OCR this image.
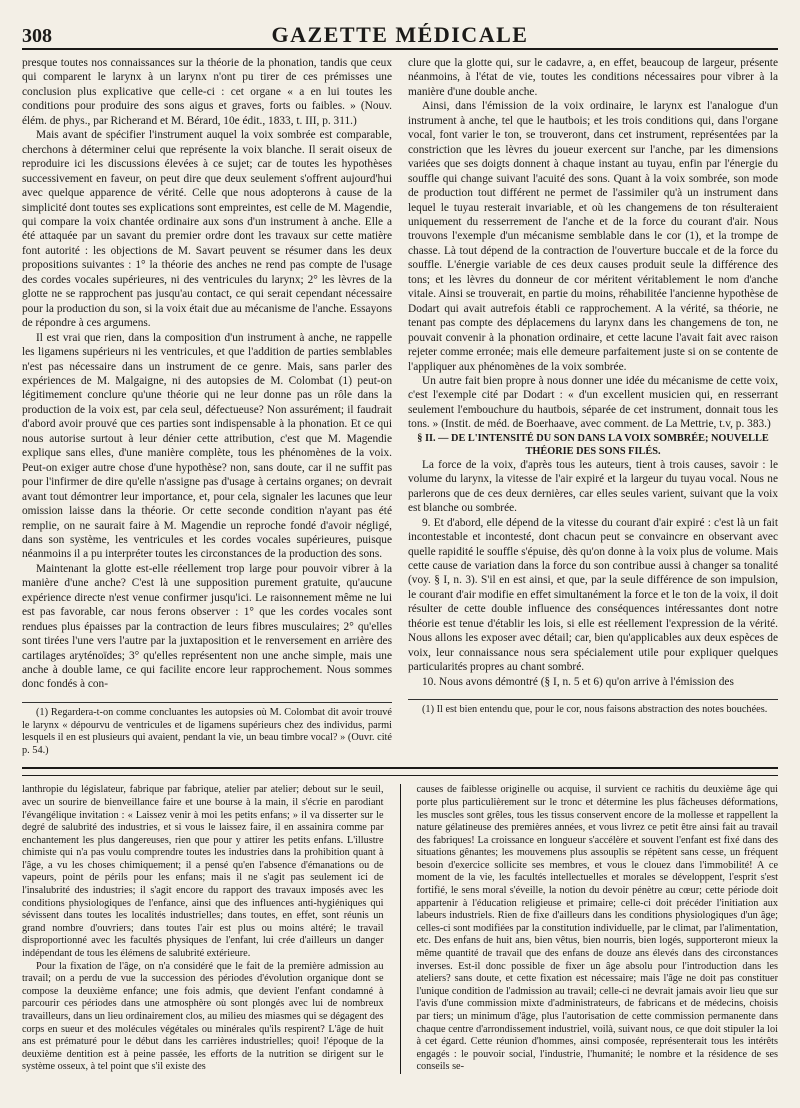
308	GAZETTE MÉDICALE

presque toutes nos connaissances sur la théorie de la phonation, tandis que ceux qui comparent le larynx à un larynx n'ont pu tirer de ces prémisses une conclusion plus explicative que celle-ci : cet organe « a en lui toutes les conditions pour produire des sons aigus et graves, forts ou faibles. » (Nouv. élém. de phys., par Richerand et M. Bérard, 10e édit., 1833, t. III, p. 311.)

Mais avant de spécifier l'instrument auquel la voix sombrée est comparable, cherchons à déterminer celui que représente la voix blanche. Il serait oiseux de reproduire ici les discussions élevées à ce sujet; car de toutes les hypothèses successivement en faveur, on peut dire que deux seulement s'offrent aujourd'hui avec quelque apparence de vérité. Celle que nous adopterons à cause de la simplicité dont toutes ses explications sont empreintes, est celle de M. Magendie, qui compare la voix chantée ordinaire aux sons d'un instrument à anche. Elle a été attaquée par un savant du premier ordre dont les travaux sur cette matière font autorité : les objections de M. Savart peuvent se résumer dans les deux propositions suivantes : 1° la théorie des anches ne rend pas compte de l'usage des cordes vocales supérieures, ni des ventricules du larynx; 2° les lèvres de la glotte ne se rapprochent pas jusqu'au contact, ce qui serait cependant nécessaire pour la production du son, si la voix était due au mécanisme de l'anche. Essayons de répondre à ces argumens.

Il est vrai que rien, dans la composition d'un instrument à anche, ne rappelle les ligamens supérieurs ni les ventricules, et que l'addition de parties semblables n'est pas nécessaire dans un instrument de ce genre. Mais, sans parler des expériences de M. Malgaigne, ni des autopsies de M. Colombat (1) peut-on légitimement conclure qu'une théorie qui ne leur donne pas un rôle dans la production de la voix est, par cela seul, défectueuse? Non assurément; il faudrait d'abord avoir prouvé que ces parties sont indispensable à la phonation. Et ce qui nous autorise surtout à leur dénier cette attribution, c'est que M. Magendie explique sans elles, d'une manière complète, tous les phénomènes de la voix. Peut-on exiger autre chose d'une hypothèse? non, sans doute, car il ne suffit pas pour l'infirmer de dire qu'elle n'assigne pas d'usage à certains organes; on devrait avant tout démontrer leur importance, et, pour cela, signaler les lacunes que leur omission laisse dans la théorie. Or cette seconde condition n'ayant pas été remplie, on ne saurait faire à M. Magendie un reproche fondé d'avoir négligé, dans son système, les ventricules et les cordes vocales supérieures, puisque néanmoins il a pu interpréter toutes les circonstances de la production des sons.

Maintenant la glotte est-elle réellement trop large pour pouvoir vibrer à la manière d'une anche? C'est là une supposition purement gratuite, qu'aucune expérience directe n'est venue confirmer jusqu'ici. Le raisonnement même ne lui est pas favorable, car nous ferons observer : 1° que les cordes vocales sont rendues plus épaisses par la contraction de leurs fibres musculaires; 2° qu'elles sont tirées l'une vers l'autre par la juxtaposition et le renversement en arrière des cartilages aryténoïdes; 3° qu'elles représentent non une anche simple, mais une anche à double lame, ce qui facilite encore leur rapprochement. Nous sommes donc fondés à con-

(1) Regardera-t-on comme concluantes les autopsies où M. Colombat dit avoir trouvé le larynx « dépourvu de ventricules et de ligamens supérieurs chez des individus, parmi lesquels il en est plusieurs qui avaient, pendant la vie, un beau timbre vocal? » (Ouvr. cité p. 54.)

clure que la glotte qui, sur le cadavre, a, en effet, beaucoup de largeur, présente néanmoins, à l'état de vie, toutes les conditions nécessaires pour vibrer à la manière d'une double anche.

Ainsi, dans l'émission de la voix ordinaire, le larynx est l'analogue d'un instrument à anche, tel que le hautbois; et les trois conditions qui, dans l'organe vocal, font varier le ton, se trouveront, dans cet instrument, représentées par la constriction que les lèvres du joueur exercent sur l'anche, par les dimensions variées que ses doigts donnent à chaque instant au tuyau, enfin par l'énergie du souffle qui change suivant l'acuité des sons. Quant à la voix sombrée, son mode de production tout différent ne permet de l'assimiler qu'à un instrument dans lequel le tuyau resterait invariable, et où les changemens de ton résulteraient uniquement du resserrement de l'anche et de la force du courant d'air. Nous trouvons l'exemple d'un mécanisme semblable dans le cor (1), et la trompe de chasse. Là tout dépend de la contraction de l'ouverture buccale et de la force du souffle. L'énergie variable de ces deux causes produit seule la différence des tons; et les lèvres du donneur de cor méritent véritablement le nom d'anche vitale. Ainsi se trouverait, en partie du moins, réhabilitée l'ancienne hypothèse de Dodart qui avait autrefois établi ce rapprochement. A la vérité, sa théorie, ne tenant pas compte des déplacemens du larynx dans les changemens de ton, ne pouvait convenir à la phonation ordinaire, et cette lacune l'avait fait avec raison rejeter comme erronée; mais elle demeure parfaitement juste si on se contente de l'appliquer aux phénomènes de la voix sombrée.

Un autre fait bien propre à nous donner une idée du mécanisme de cette voix, c'est l'exemple cité par Dodart : « d'un excellent musicien qui, en resserrant seulement l'embouchure du hautbois, séparée de cet instrument, donnait tous les tons. » (Instit. de méd. de Boerhaave, avec comment. de La Mettrie, t.v, p. 383.)

§ II. — DE L'INTENSITÉ DU SON DANS LA VOIX SOMBRÉE; NOUVELLE THÉORIE DES SONS FILÉS.

La force de la voix, d'après tous les auteurs, tient à trois causes, savoir : le volume du larynx, la vitesse de l'air expiré et la largeur du tuyau vocal. Nous ne parlerons que de ces deux dernières, car elles seules varient, suivant que la voix est blanche ou sombrée.

9. Et d'abord, elle dépend de la vitesse du courant d'air expiré : c'est là un fait incontestable et incontesté, dont chacun peut se convaincre en observant avec quelle rapidité le souffle s'épuise, dès qu'on donne à la voix plus de volume. Mais cette cause de variation dans la force du son contribue aussi à changer sa tonalité (voy. § I, n. 3). S'il en est ainsi, et que, par la seule différence de son impulsion, le courant d'air modifie en effet simultanément la force et le ton de la voix, il doit résulter de cette double influence des conséquences intéressantes dont notre théorie est tenue d'établir les lois, si elle est réellement l'expression de la vérité. Nous allons les exposer avec détail; car, bien qu'applicables aux deux espèces de voix, leur connaissance nous sera spécialement utile pour expliquer quelques particularités propres au chant sombré.

10. Nous avons démontré (§ I, n. 5 et 6) qu'on arrive à l'émission des

(1) Il est bien entendu que, pour le cor, nous faisons abstraction des notes bouchées.

lanthropie du législateur, fabrique par fabrique, atelier par atelier; debout sur le seuil, avec un sourire de bienveillance faire et une bourse à la main, il s'écrie en parodiant l'évangélique invitation : « Laissez venir à moi les petits enfans; » il va disserter sur le degré de salubrité des industries, et si vous le laissez faire, il en assainira comme par enchantement les plus dangereuses, rien que pour y attirer les petits enfans. L'illustre chimiste qui n'a pas voulu comprendre toutes les industries dans la prohibition quant à l'âge, a vu les choses chimiquement; il a pensé qu'en l'absence d'émanations ou de vapeurs, point de périls pour les enfans; mais il ne s'agit pas seulement ici de l'insalubrité des industries; il s'agit encore du rapport des travaux imposés avec les conditions physiologiques de l'enfance, ainsi que des influences anti-hygiéniques qui sévissent dans toutes les localités industrielles; dans toutes, en effet, sont réunis un grand nombre d'ouvriers; dans toutes l'air est plus ou moins altéré; le travail disproportionné avec les facultés physiques de l'enfant, lui crée d'ailleurs un danger indépendant de tous les élémens de salubrité extérieure.

Pour la fixation de l'âge, on n'a considéré que le fait de la première admission au travail; on a perdu de vue la succession des périodes d'évolution organique dont se compose la deuxième enfance; une fois admis, que devient l'enfant condamné à parcourir ces périodes dans une atmosphère où sont plongés avec lui de nombreux travailleurs, dans un lieu ordinairement clos, au milieu des miasmes qui se dégagent des corps en sueur et des molécules végétales ou minérales qu'ils respirent? L'âge de huit ans est prématuré pour le début dans les carrières industrielles; quoi! l'époque de la deuxième dentition est à peine passée, les efforts de la nutrition se dirigent sur le système osseux, à tel point que s'il existe des

causes de faiblesse originelle ou acquise, il survient ce rachitis du deuxième âge qui porte plus particulièrement sur le tronc et détermine les plus fâcheuses déformations, les muscles sont grêles, tous les tissus conservent encore de la mollesse et rappellent la nature gélatineuse des premières années, et vous livrez ce petit être ainsi fait au travail des fabriques! La croissance en longueur s'accélère et souvent l'enfant est fixé dans des situations gênantes; les mouvemens plus assouplis se répètent sans cesse, un fréquent besoin d'exercice sollicite ses membres, et vous le clouez dans l'immobilité! A ce moment de la vie, les facultés intellectuelles et morales se développent, l'esprit s'est fortifié, le sens moral s'éveille, la notion du devoir pénètre au cœur; cette période doit appartenir à l'éducation religieuse et primaire; celle-ci doit précéder l'initiation aux labeurs industriels. Rien de fixe d'ailleurs dans les conditions physiologiques d'un âge; celles-ci sont modifiées par la constitution individuelle, par le climat, par l'alimentation, etc. Des enfans de huit ans, bien vêtus, bien nourris, bien logés, supporteront mieux la même quantité de travail que des enfans de douze ans élevés dans des circonstances inverses. Est-il donc possible de fixer un âge absolu pour l'introduction dans les ateliers? sans doute, et cette fixation est nécessaire; mais l'âge ne doit pas constituer l'unique condition de l'admission au travail; celle-ci ne devrait jamais avoir lieu que sur l'avis d'une commission mixte d'administrateurs, de fabricans et de médecins, choisis par tiers; un minimum d'âge, plus l'autorisation de cette commission permanente dans chaque centre d'arrondissement industriel, voilà, suivant nous, ce que doit stipuler la loi à cet égard. Cette réunion d'hommes, ainsi composée, représenterait tous les intérêts engagés : le pouvoir social, l'industrie, l'humanité; le nombre et la résidence de ses conseils se-
